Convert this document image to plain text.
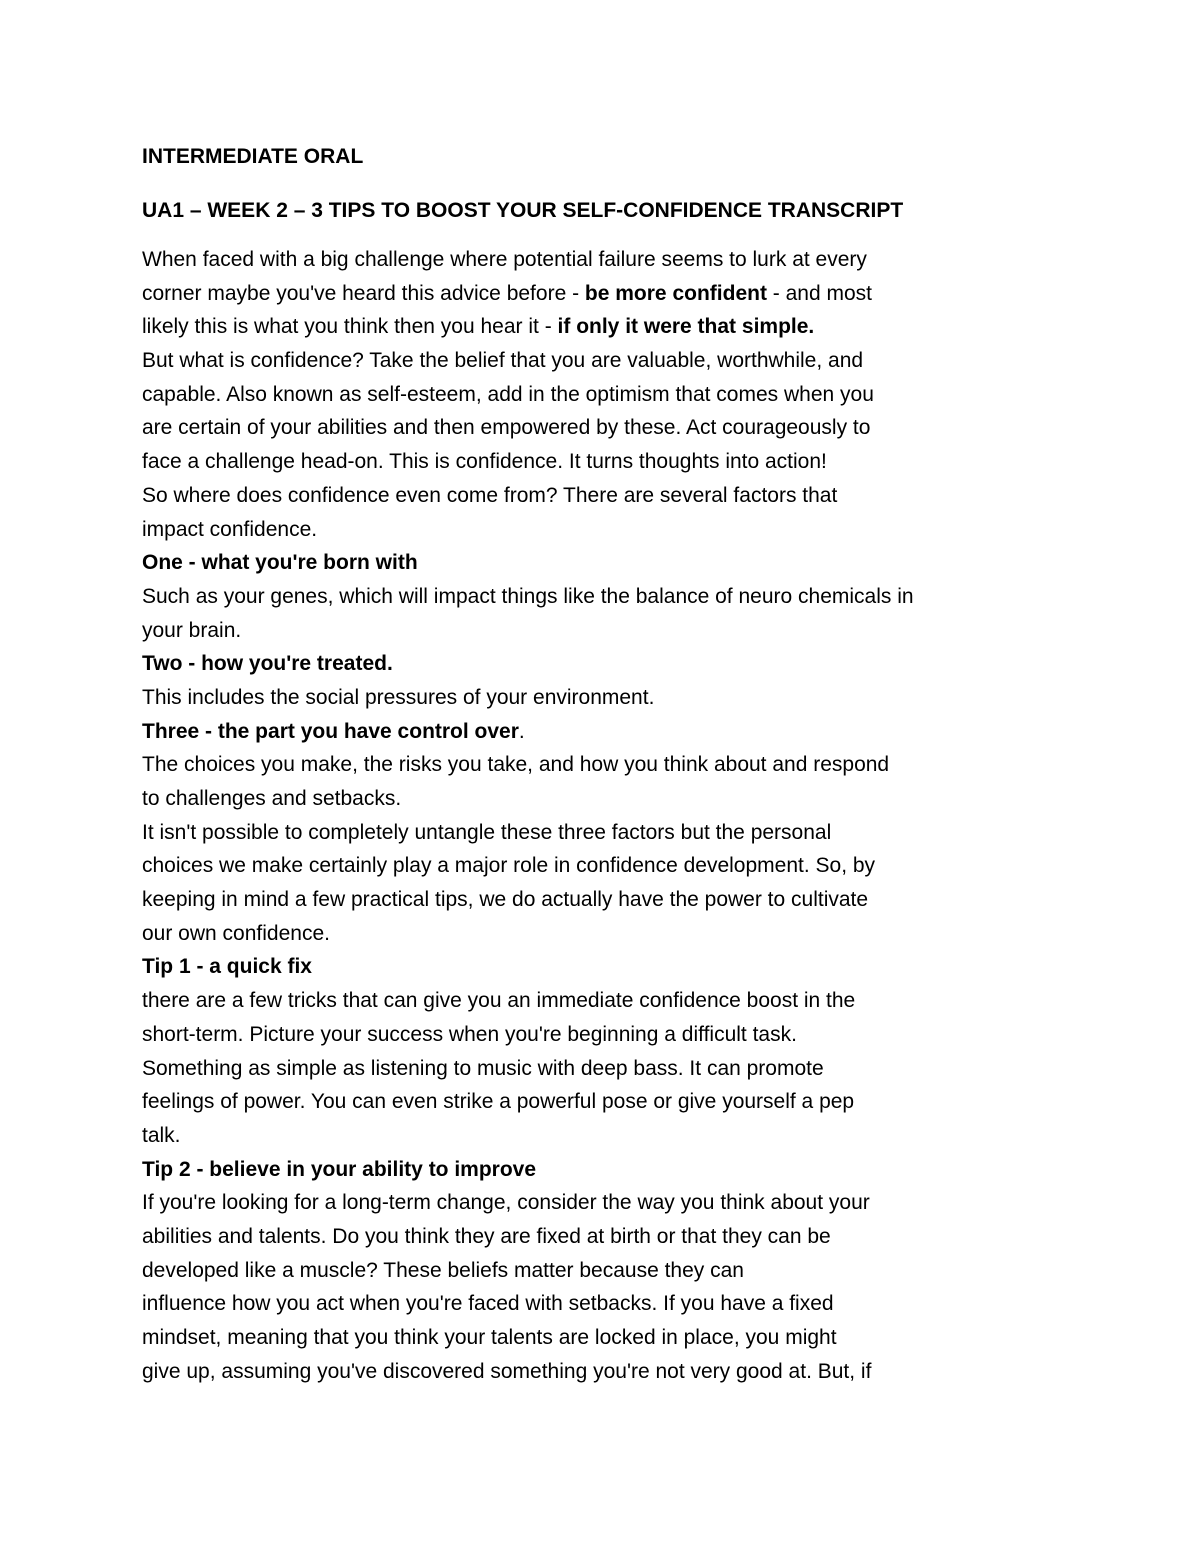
INTERMEDIATE ORAL

UA1 – WEEK 2 – 3 TIPS TO BOOST YOUR SELF-CONFIDENCE TRANSCRIPT

When faced with a big challenge where potential failure seems to lurk at every
corner maybe you've heard this advice before - be more confident - and most
likely this is what you think then you hear it - if only it were that simple.
But what is confidence? Take the belief that you are valuable, worthwhile, and
capable. Also known as self-esteem, add in the optimism that comes when you
are certain of your abilities and then empowered by these. Act courageously to
face a challenge head-on. This is confidence. It turns thoughts into action!
So where does confidence even come from? There are several factors that
impact confidence.
One - what you're born with
Such as your genes, which will impact things like the balance of neuro chemicals in
your brain.
Two - how you're treated.
This includes the social pressures of your environment.
Three - the part you have control over.
The choices you make, the risks you take, and how you think about and respond
to challenges and setbacks.
It isn't possible to completely untangle these three factors but the personal
choices we make certainly play a major role in confidence development. So, by
keeping in mind a few practical tips, we do actually have the power to cultivate
our own confidence.
Tip 1 - a quick fix
there are a few tricks that can give you an immediate confidence boost in the
short-term. Picture your success when you're beginning a difficult task.
Something as simple as listening to music with deep bass. It can promote
feelings of power. You can even strike a powerful pose or give yourself a pep
talk.
Tip 2 - believe in your ability to improve
If you're looking for a long-term change, consider the way you think about your
abilities and talents. Do you think they are fixed at birth or that they can be
developed like a muscle? These beliefs matter because they can
influence how you act when you're faced with setbacks. If you have a fixed
mindset, meaning that you think your talents are locked in place, you might
give up, assuming you've discovered something you're not very good at. But, if
